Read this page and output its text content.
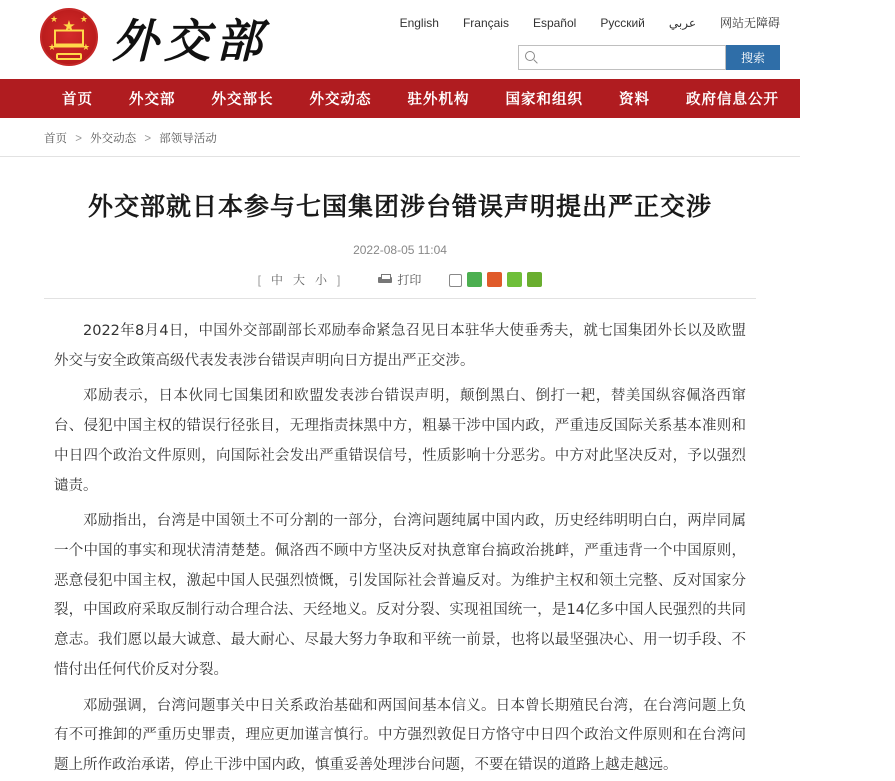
★
★ ★
★	★ 外交部	English Français Español Русский عربي 网站无障碍
搜索
首页	外交部	外交部长	外交动态	驻外机构	国家和组织	资料	政府信息公开	两微一端
首页 > 外交动态 > 部领导活动
外交部就日本参与七国集团涉台错误声明提出严正交涉
2022-08-05 11:04
[ 中 大 小 ]	打印

2022年8月4日，中国外交部副部长邓励奉命紧急召见日本驻华大使垂秀夫，就七国集团外长以及欧盟外交与安全政策高级代表发表涉台错误声明向日方提出严正交涉。

邓励表示，日本伙同七国集团和欧盟发表涉台错误声明，颠倒黑白、倒打一耙，替美国纵容佩洛西窜台、侵犯中国主权的错误行径张目，无理指责抹黑中方，粗暴干涉中国内政，严重违反国际关系基本准则和中日四个政治文件原则，向国际社会发出严重错误信号，性质影响十分恶劣。中方对此坚决反对，予以强烈谴责。

邓励指出，台湾是中国领土不可分割的一部分，台湾问题纯属中国内政，历史经纬明明白白，两岸同属一个中国的事实和现状清清楚楚。佩洛西不顾中方坚决反对执意窜台搞政治挑衅，严重违背一个中国原则，恶意侵犯中国主权，激起中国人民强烈愤慨，引发国际社会普遍反对。为维护主权和领土完整、反对国家分裂，中国政府采取反制行动合理合法、天经地义。反对分裂、实现祖国统一，是14亿多中国人民强烈的共同意志。我们愿以最大诚意、最大耐心、尽最大努力争取和平统一前景，也将以最坚强决心、用一切手段、不惜付出任何代价反对分裂。

邓励强调，台湾问题事关中日关系政治基础和两国间基本信义。日本曾长期殖民台湾，在台湾问题上负有不可推卸的严重历史罪责，理应更加谨言慎行。中方强烈敦促日方恪守中日四个政治文件原则和在台湾问题上所作政治承诺，停止干涉中国内政，慎重妥善处理涉台问题，不要在错误的道路上越走越远。
